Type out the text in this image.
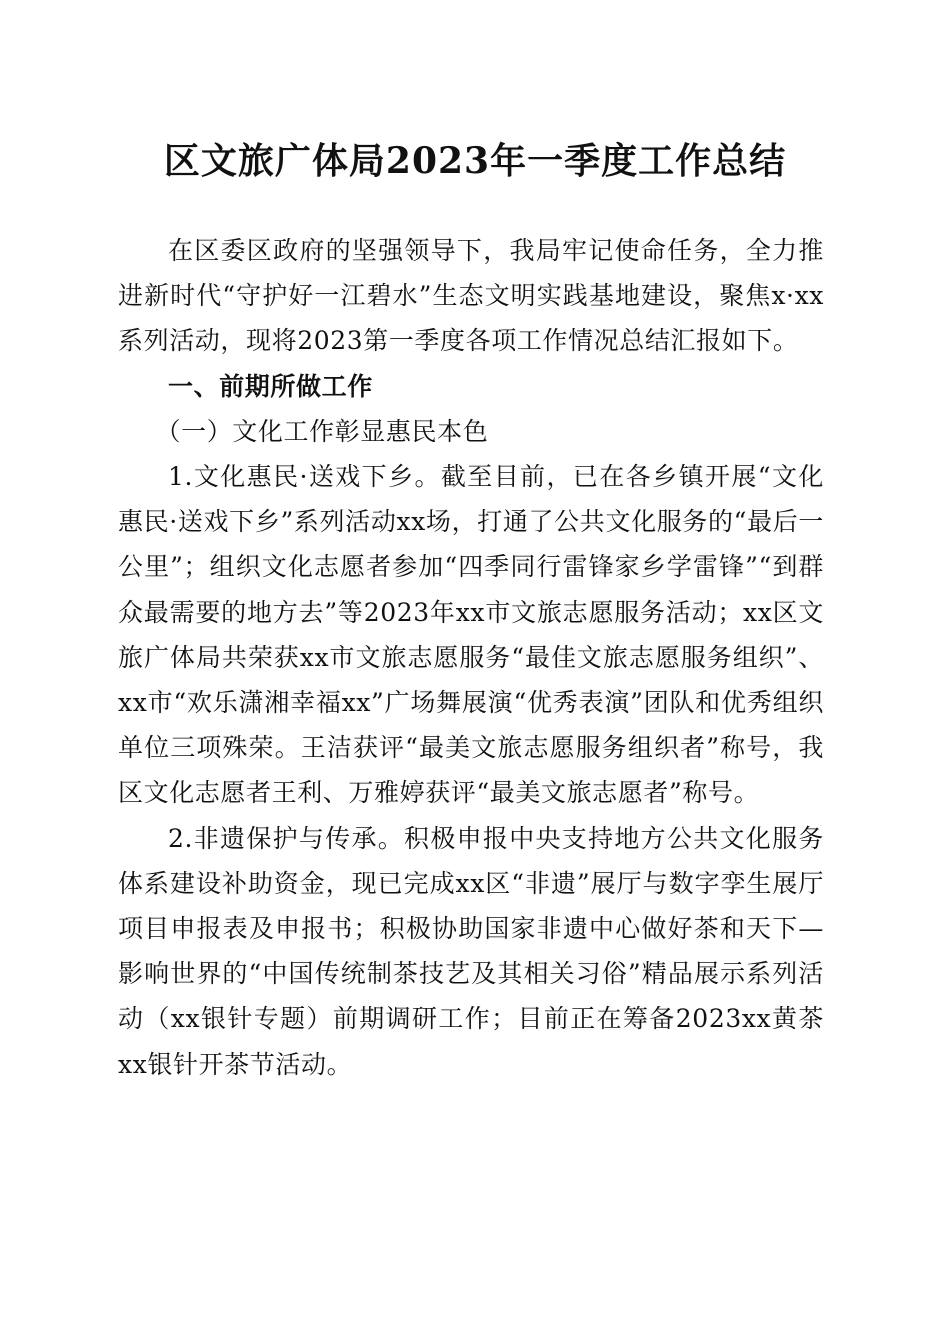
区文旅广体局2023年一季度工作总结

在区委区政府的坚强领导下，我局牢记使命任务，全力推进新时代“守护好一江碧水”生态文明实践基地建设，聚焦x·xx系列活动，现将2023第一季度各项工作情况总结汇报如下。

一、前期所做工作

（一）文化工作彰显惠民本色

1.文化惠民·送戏下乡。截至目前，已在各乡镇开展“文化惠民·送戏下乡”系列活动xx场，打通了公共文化服务的“最后一公里”；组织文化志愿者参加“四季同行雷锋家乡学雷锋”“到群众最需要的地方去”等2023年xx市文旅志愿服务活动；xx区文旅广体局共荣获xx市文旅志愿服务“最佳文旅志愿服务组织”、xx市“欢乐潇湘幸福xx”广场舞展演“优秀表演”团队和优秀组织单位三项殊荣。王洁获评“最美文旅志愿服务组织者”称号，我区文化志愿者王利、万雅婷获评“最美文旅志愿者”称号。

2.非遗保护与传承。积极申报中央支持地方公共文化服务体系建设补助资金，现已完成xx区“非遗”展厅与数字孪生展厅项目申报表及申报书；积极协助国家非遗中心做好茶和天下—影响世界的“中国传统制茶技艺及其相关习俗”精品展示系列活动（xx银针专题）前期调研工作；目前正在筹备2023xx黄茶xx银针开茶节活动。
